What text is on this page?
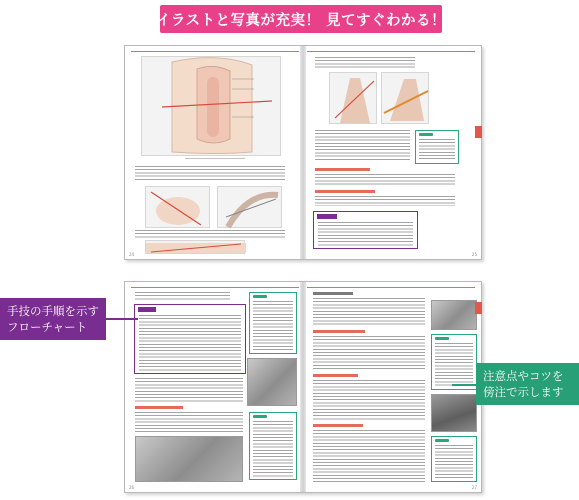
イラストと写真が充実！ 見てすぐわかる！
24	25
26	27
手技の手順を示す
フローチャート
注意点やコツを
傍注で示します
